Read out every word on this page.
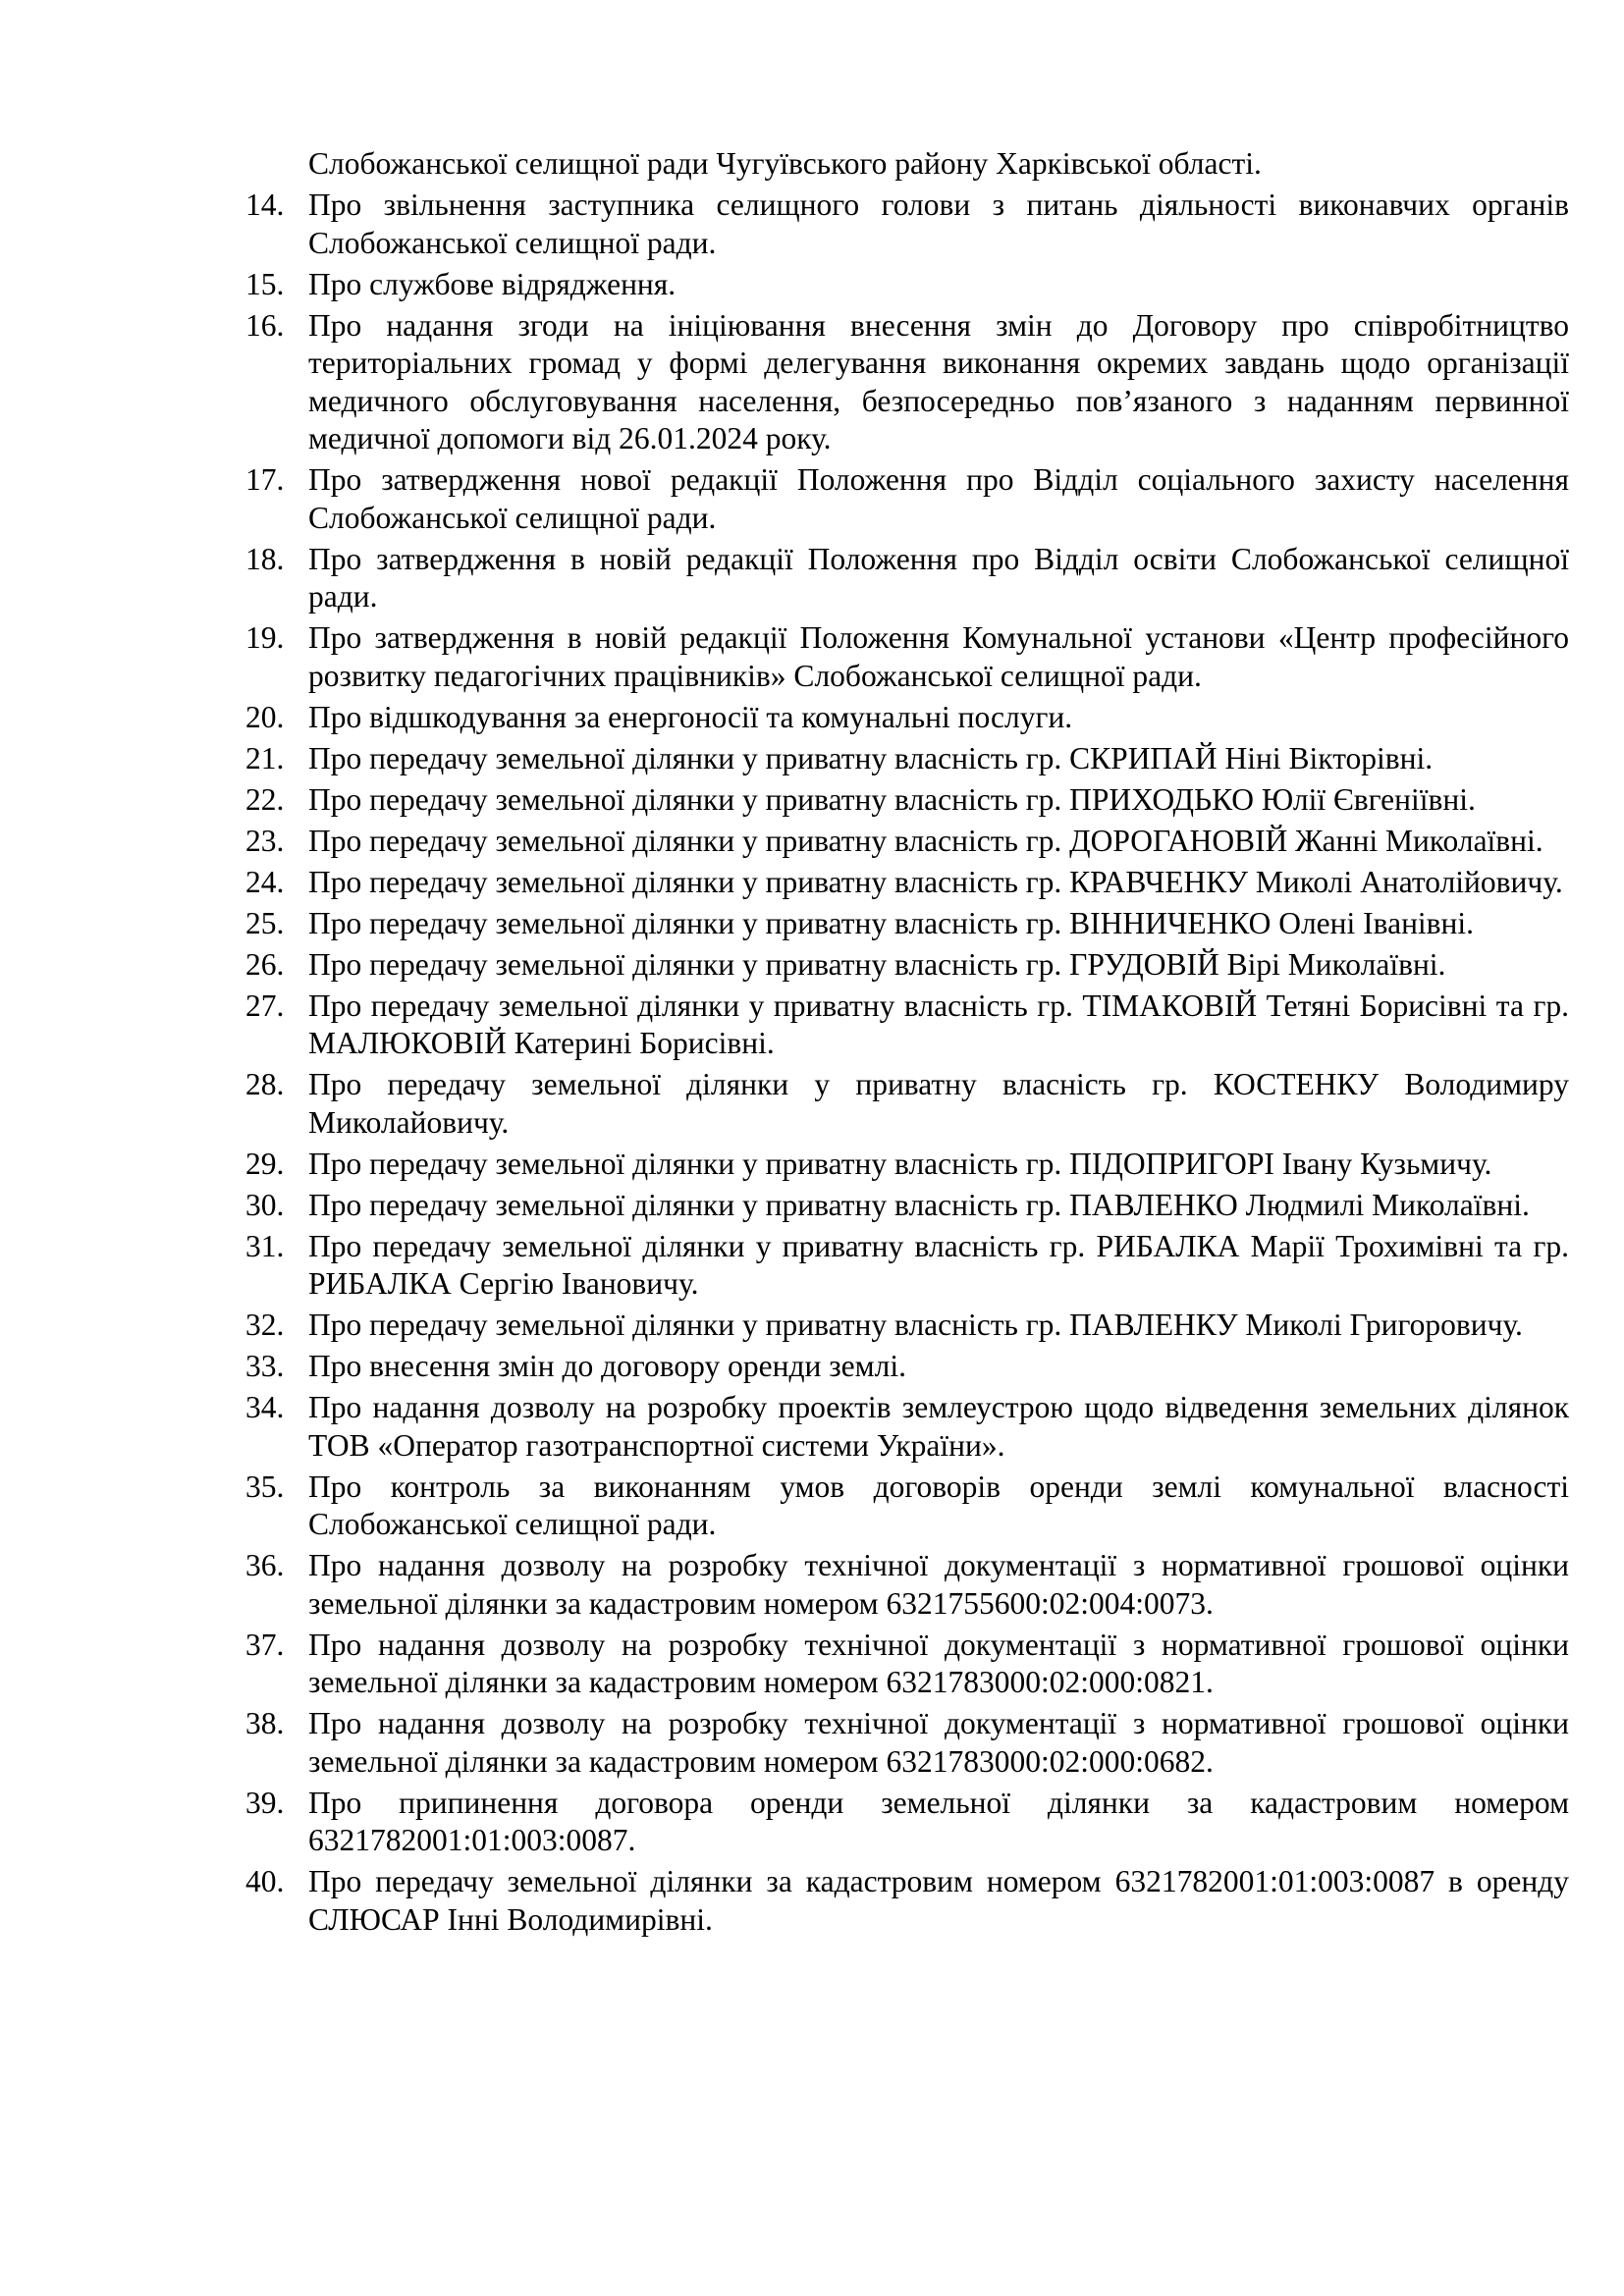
Слобожанської селищної ради Чугуївського району Харківської області.
14. Про звільнення заступника селищного голови з питань діяльності виконавчих органів Слобожанської селищної ради.
15. Про службове відрядження.
16. Про надання згоди на ініціювання внесення змін до Договору про співробітництво територіальних громад у формі делегування виконання окремих завдань щодо організації медичного обслуговування населення, безпосередньо пов’язаного з наданням первинної медичної допомоги від 26.01.2024 року.
17. Про затвердження нової редакції Положення про Відділ соціального захисту населення Слобожанської селищної ради.
18. Про затвердження в новій редакції Положення про Відділ освіти Слобожанської селищної ради.
19. Про затвердження в новій редакції Положення Комунальної установи «Центр професійного розвитку педагогічних працівників» Слобожанської селищної ради.
20. Про відшкодування за енергоносії та комунальні послуги.
21. Про передачу земельної ділянки у приватну власність гр. СКРИПАЙ Ніні Вікторівні.
22. Про передачу земельної ділянки у приватну власність гр. ПРИХОДЬКО Юлії Євгеніївні.
23. Про передачу земельної ділянки у приватну власність гр. ДОРОГАНОВІЙ Жанні Миколаївні.
24. Про передачу земельної ділянки у приватну власність гр. КРАВЧЕНКУ Миколі Анатолійовичу.
25. Про передачу земельної ділянки у приватну власність гр. ВІННИЧЕНКО Олені Іванівні.
26. Про передачу земельної ділянки у приватну власність гр. ГРУДОВІЙ Вірі Миколаївні.
27. Про передачу земельної ділянки у приватну власність гр. ТІМАКОВІЙ Тетяні Борисівні та гр. МАЛЮКОВІЙ Катерині Борисівні.
28. Про передачу земельної ділянки у приватну власність гр. КОСТЕНКУ Володимиру Миколайовичу.
29. Про передачу земельної ділянки у приватну власність гр. ПІДОПРИГОРІ Івану Кузьмичу.
30. Про передачу земельної ділянки у приватну власність гр. ПАВЛЕНКО Людмилі Миколаївні.
31. Про передачу земельної ділянки у приватну власність гр. РИБАЛКА Марії Трохимівні та гр. РИБАЛКА Сергію Івановичу.
32. Про передачу земельної ділянки у приватну власність гр. ПАВЛЕНКУ Миколі Григоровичу.
33. Про внесення змін до договору оренди землі.
34. Про надання дозволу на розробку проектів землеустрою щодо відведення земельних ділянок ТОВ «Оператор газотранспортної системи України».
35. Про контроль за виконанням умов договорів оренди землі комунальної власності Слобожанської селищної ради.
36. Про надання дозволу на розробку технічної документації з нормативної грошової оцінки земельної ділянки за кадастровим номером 6321755600:02:004:0073.
37. Про надання дозволу на розробку технічної документації з нормативної грошової оцінки земельної ділянки за кадастровим номером 6321783000:02:000:0821.
38. Про надання дозволу на розробку технічної документації з нормативної грошової оцінки земельної ділянки за кадастровим номером 6321783000:02:000:0682.
39. Про припинення договора оренди земельної ділянки за кадастровим номером 6321782001:01:003:0087.
40. Про передачу земельної ділянки за кадастровим номером 6321782001:01:003:0087 в оренду СЛЮСАР Інні Володимирівні.
